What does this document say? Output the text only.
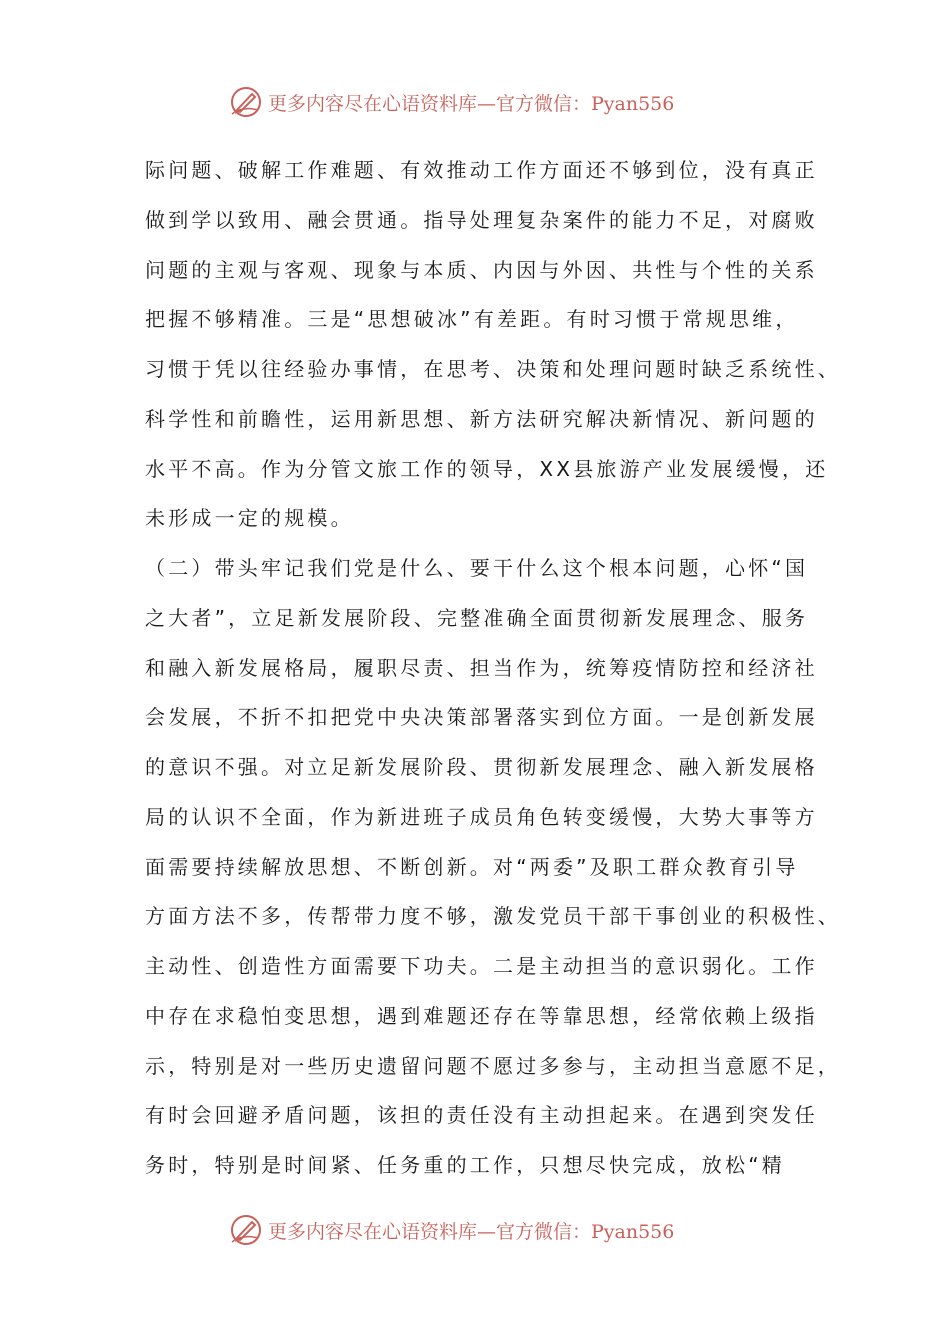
更多内容尽在心语资料库—官方微信：Pyan556
际问题、破解工作难题、有效推动工作方面还不够到位，没有真正
做到学以致用、融会贯通。指导处理复杂案件的能力不足，对腐败
问题的主观与客观、现象与本质、内因与外因、共性与个性的关系
把握不够精准。三是“思想破冰”有差距。有时习惯于常规思维，
习惯于凭以往经验办事情，在思考、决策和处理问题时缺乏系统性、
科学性和前瞻性，运用新思想、新方法研究解决新情况、新问题的
水平不高。作为分管文旅工作的领导，XX县旅游产业发展缓慢，还
未形成一定的规模。
（二）带头牢记我们党是什么、要干什么这个根本问题，心怀“国
之大者”，立足新发展阶段、完整准确全面贯彻新发展理念、服务
和融入新发展格局，履职尽责、担当作为，统筹疫情防控和经济社
会发展，不折不扣把党中央决策部署落实到位方面。一是创新发展
的意识不强。对立足新发展阶段、贯彻新发展理念、融入新发展格
局的认识不全面，作为新进班子成员角色转变缓慢，大势大事等方
面需要持续解放思想、不断创新。对“两委”及职工群众教育引导
方面方法不多，传帮带力度不够，激发党员干部干事创业的积极性、
主动性、创造性方面需要下功夫。二是主动担当的意识弱化。工作
中存在求稳怕变思想，遇到难题还存在等靠思想，经常依赖上级指
示，特别是对一些历史遗留问题不愿过多参与，主动担当意愿不足，
有时会回避矛盾问题，该担的责任没有主动担起来。在遇到突发任
务时，特别是时间紧、任务重的工作，只想尽快完成，放松“精
更多内容尽在心语资料库—官方微信：Pyan556
